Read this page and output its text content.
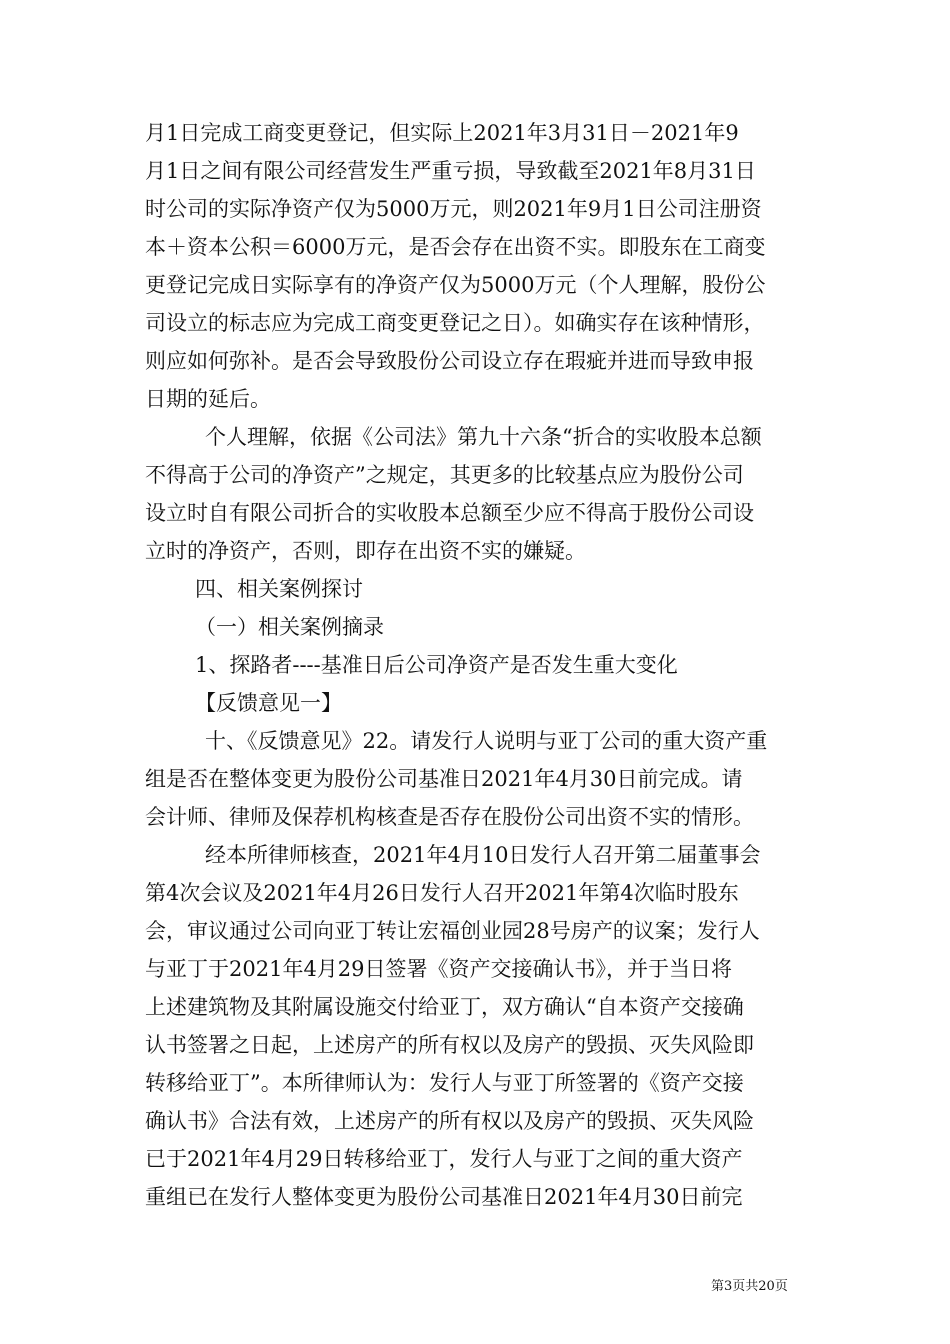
月1日完成工商变更登记，但实际上2021年3月31日－2021年9
月1日之间有限公司经营发生严重亏损，导致截至2021年8月31日
时公司的实际净资产仅为5000万元，则2021年9月1日公司注册资
本＋资本公积＝6000万元，是否会存在出资不实。即股东在工商变
更登记完成日实际享有的净资产仅为5000万元（个人理解，股份公
司设立的标志应为完成工商变更登记之日）。如确实存在该种情形，
则应如何弥补。是否会导致股份公司设立存在瑕疵并进而导致申报
日期的延后。
个人理解，依据《公司法》第九十六条“折合的实收股本总额
不得高于公司的净资产”之规定，其更多的比较基点应为股份公司
设立时自有限公司折合的实收股本总额至少应不得高于股份公司设
立时的净资产，否则，即存在出资不实的嫌疑。
四、相关案例探讨
（一）相关案例摘录
1、探路者----基准日后公司净资产是否发生重大变化
【反馈意见一】
十、《反馈意见》22。请发行人说明与亚丁公司的重大资产重
组是否在整体变更为股份公司基准日2021年4月30日前完成。请
会计师、律师及保荐机构核查是否存在股份公司出资不实的情形。
经本所律师核查，2021年4月10日发行人召开第二届董事会
第4次会议及2021年4月26日发行人召开2021年第4次临时股东
会，审议通过公司向亚丁转让宏福创业园28号房产的议案；发行人
与亚丁于2021年4月29日签署《资产交接确认书》，并于当日将
上述建筑物及其附属设施交付给亚丁，双方确认“自本资产交接确
认书签署之日起，上述房产的所有权以及房产的毁损、灭失风险即
转移给亚丁”。本所律师认为：发行人与亚丁所签署的《资产交接
确认书》合法有效，上述房产的所有权以及房产的毁损、灭失风险
已于2021年4月29日转移给亚丁，发行人与亚丁之间的重大资产
重组已在发行人整体变更为股份公司基准日2021年4月30日前完
第3页共20页
